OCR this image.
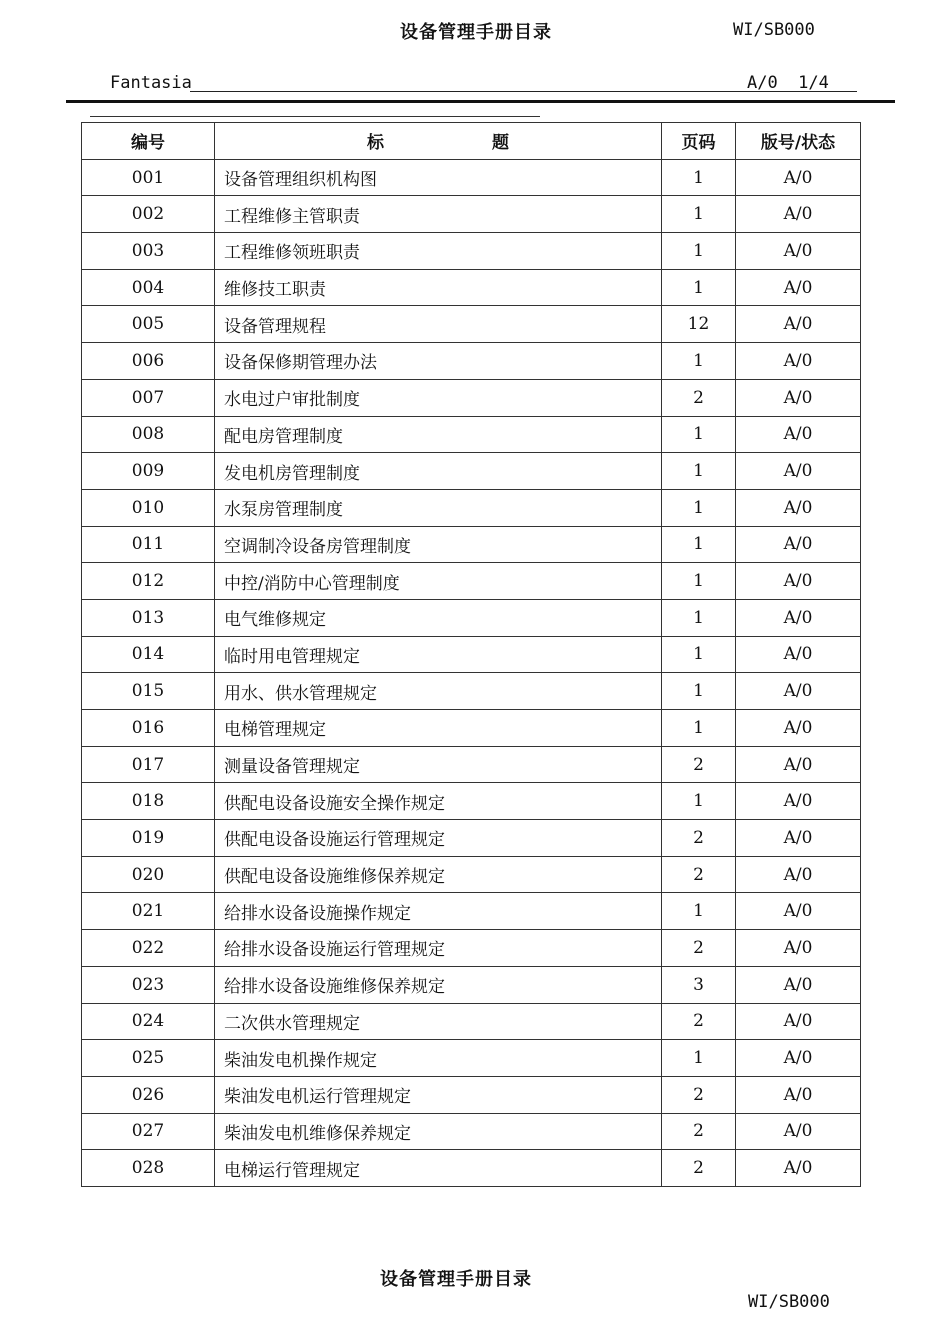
设备管理手册目录	WI/SB000
Fantasia	A/0  1/4
编号	标 题	页码	版号/状态
001	设备管理组织机构图	1	A/0
002	工程维修主管职责	1	A/0
003	工程维修领班职责	1	A/0
004	维修技工职责	1	A/0
005	设备管理规程	12	A/0
006	设备保修期管理办法	1	A/0
007	水电过户审批制度	2	A/0
008	配电房管理制度	1	A/0
009	发电机房管理制度	1	A/0
010	水泵房管理制度	1	A/0
011	空调制冷设备房管理制度	1	A/0
012	中控/消防中心管理制度	1	A/0
013	电气维修规定	1	A/0
014	临时用电管理规定	1	A/0
015	用水、供水管理规定	1	A/0
016	电梯管理规定	1	A/0
017	测量设备管理规定	2	A/0
018	供配电设备设施安全操作规定	1	A/0
019	供配电设备设施运行管理规定	2	A/0
020	供配电设备设施维修保养规定	2	A/0
021	给排水设备设施操作规定	1	A/0
022	给排水设备设施运行管理规定	2	A/0
023	给排水设备设施维修保养规定	3	A/0
024	二次供水管理规定	2	A/0
025	柴油发电机操作规定	1	A/0
026	柴油发电机运行管理规定	2	A/0
027	柴油发电机维修保养规定	2	A/0
028	电梯运行管理规定	2	A/0
设备管理手册目录
WI/SB000
